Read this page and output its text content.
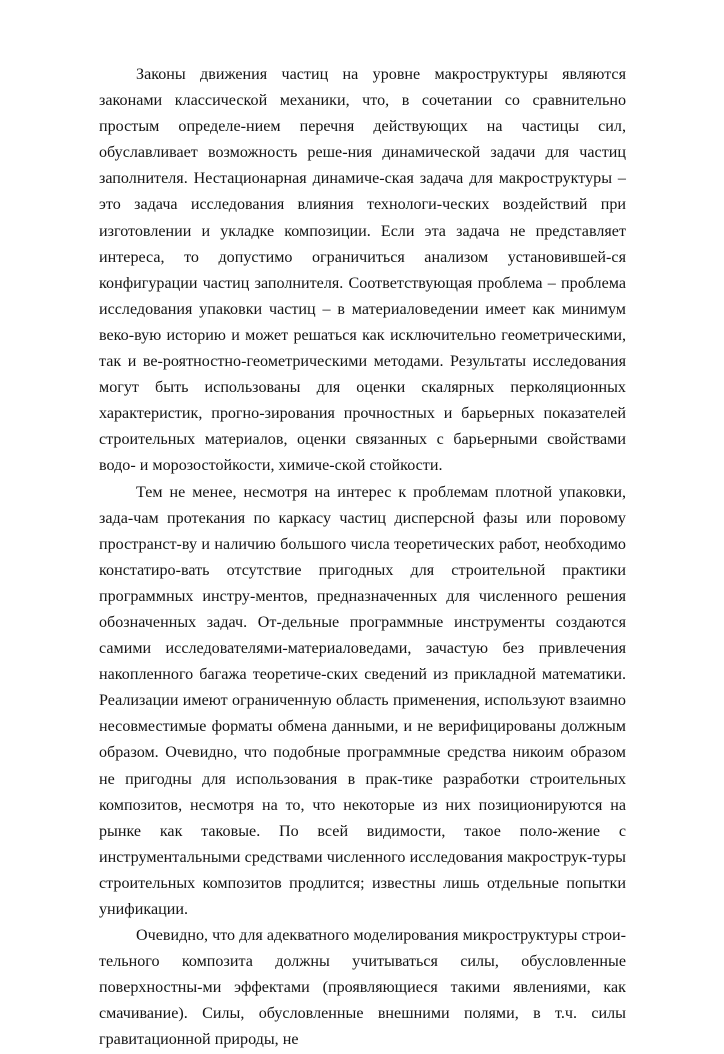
Законы движения частиц на уровне макроструктуры являются законами классической механики, что, в сочетании со сравнительно простым определе-нием перечня действующих на частицы сил, обуславливает возможность реше-ния динамической задачи для частиц заполнителя. Нестационарная динамиче-ская задача для макроструктуры – это задача исследования влияния технологи-ческих воздействий при изготовлении и укладке композиции. Если эта задача не представляет интереса, то допустимо ограничиться анализом установившей-ся конфигурации частиц заполнителя. Соответствующая проблема – проблема исследования упаковки частиц – в материаловедении имеет как минимум веко-вую историю и может решаться как исключительно геометрическими, так и ве-роятностно-геометрическими методами. Результаты исследования могут быть использованы для оценки скалярных перколяционных характеристик, прогно-зирования прочностных и барьерных показателей строительных материалов, оценки связанных с барьерными свойствами водо- и морозостойкости, химиче-ской стойкости.

Тем не менее, несмотря на интерес к проблемам плотной упаковки, зада-чам протекания по каркасу частиц дисперсной фазы или поровому пространст-ву и наличию большого числа теоретических работ, необходимо констатиро-вать отсутствие пригодных для строительной практики программных инстру-ментов, предназначенных для численного решения обозначенных задач. От-дельные программные инструменты создаются самими исследователями-материаловедами, зачастую без привлечения накопленного багажа теоретиче-ских сведений из прикладной математики. Реализации имеют ограниченную область применения, используют взаимно несовместимые форматы обмена данными, и не верифицированы должным образом. Очевидно, что подобные программные средства никоим образом не пригодны для использования в прак-тике разработки строительных композитов, несмотря на то, что некоторые из них позиционируются на рынке как таковые. По всей видимости, такое поло-жение с инструментальными средствами численного исследования макрострук-туры строительных композитов продлится; известны лишь отдельные попытки унификации.

Очевидно, что для адекватного моделирования микроструктуры строи-тельного композита должны учитываться силы, обусловленные поверхностны-ми эффектами (проявляющиеся такими явлениями, как смачивание). Силы, обусловленные внешними полями, в т.ч. силы гравитационной природы, не
